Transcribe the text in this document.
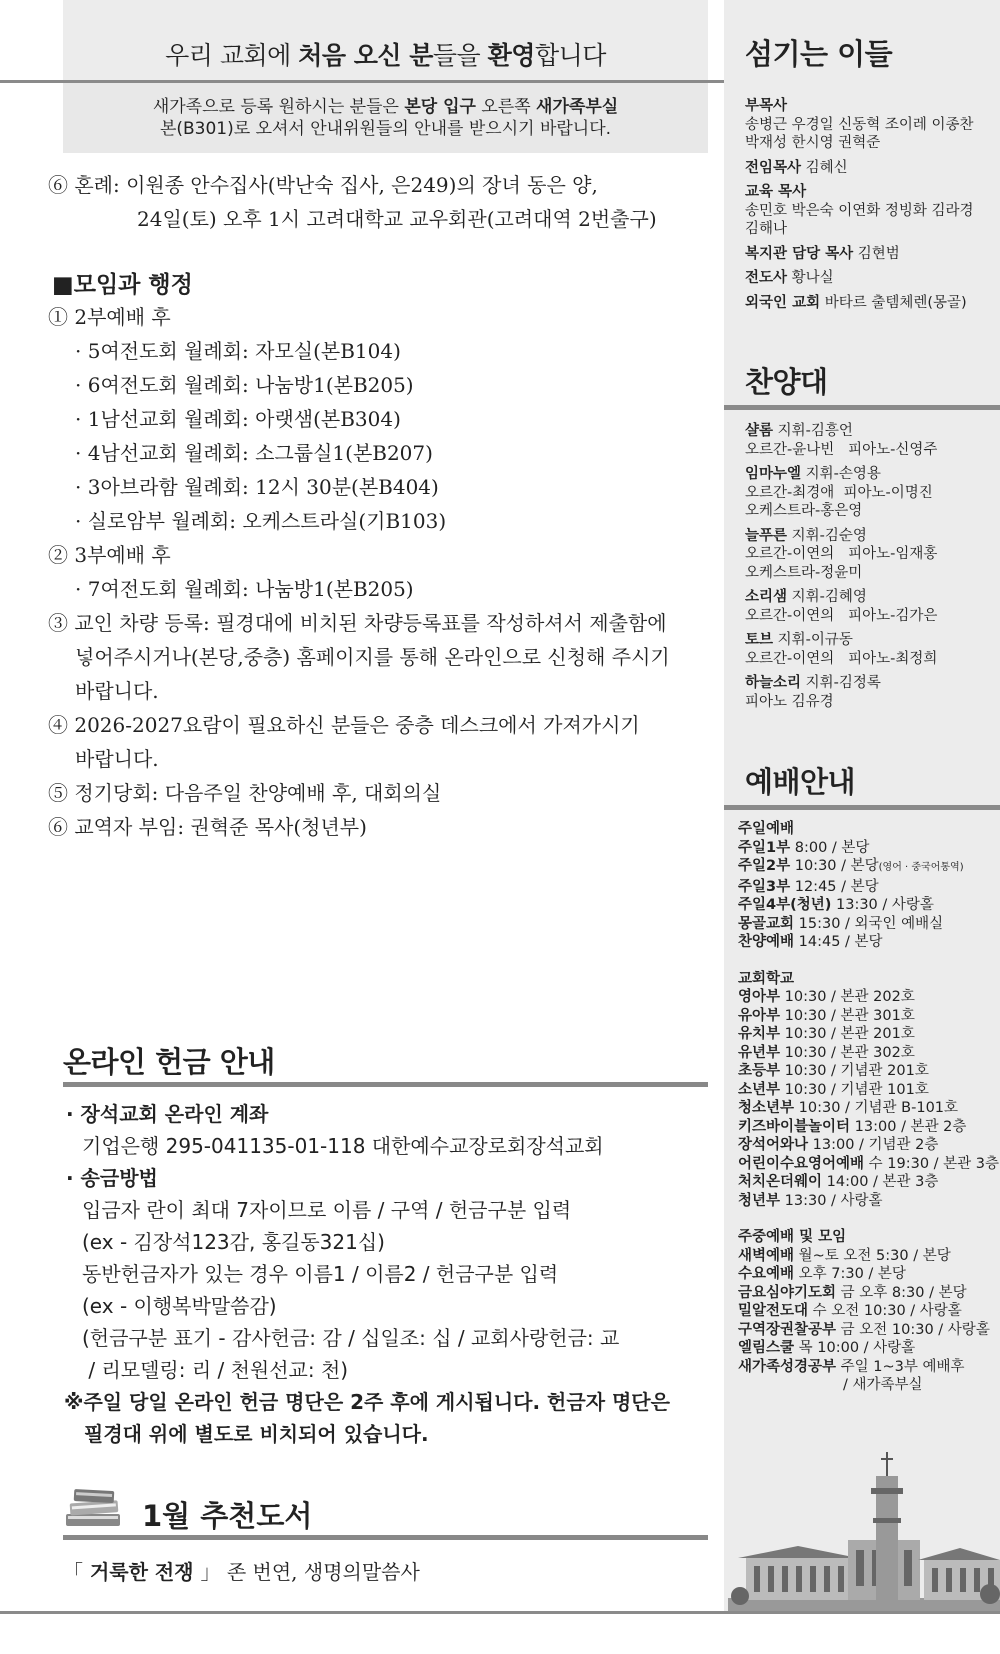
우리 교회에 처음 오신 분들을 환영합니다
새가족으로 등록 원하시는 분들은 본당 입구 오른쪽 새가족부실
본(B301)로 오셔서 안내위원들의 안내를 받으시기 바랍니다.
⑥ 혼례: 이원종 안수집사(박난숙 집사, 은249)의 장녀 동은 양,
24일(토) 오후 1시 고려대학교 교우회관(고려대역 2번출구)
■모임과 행정
① 2부예배 후
· 5여전도회 월례회: 자모실(본B104)
· 6여전도회 월례회: 나눔방1(본B205)
· 1남선교회 월례회: 아랫샘(본B304)
· 4남선교회 월례회: 소그룹실1(본B207)
· 3아브라함 월례회: 12시 30분(본B404)
· 실로암부 월례회: 오케스트라실(기B103)
② 3부예배 후
· 7여전도회 월례회: 나눔방1(본B205)
③ 교인 차량 등록: 필경대에 비치된 차량등록표를 작성하셔서 제출함에
넣어주시거나(본당,중층) 홈페이지를 통해 온라인으로 신청해 주시기
바랍니다.
④ 2026-2027요람이 필요하신 분들은 중층 데스크에서 가져가시기
바랍니다.
⑤ 정기당회: 다음주일 찬양예배 후, 대회의실
⑥ 교역자 부임: 권혁준 목사(청년부)
온라인 헌금 안내
· 장석교회 온라인 계좌
기업은행 295-041135-01-118 대한예수교장로회장석교회
· 송금방법
입금자 란이 최대 7자이므로 이름 / 구역 / 헌금구분 입력
(ex - 김장석123감, 홍길동321십)
동반헌금자가 있는 경우 이름1 / 이름2 / 헌금구분 입력
(ex - 이행복박말씀감)
(헌금구분 표기 - 감사헌금: 감 / 십일조: 십 / 교회사랑헌금: 교
/ 리모델링: 리 / 천원선교: 천)
※주일 당일 온라인 헌금 명단은 2주 후에 게시됩니다. 헌금자 명단은
필경대 위에 별도로 비치되어 있습니다.
1월 추천도서
「 거룩한 전쟁 」 존 번연, 생명의말씀사
섬기는 이들
부목사
송병근 우경일 신동혁 조이레 이종찬
박재성 한시영 권혁준
전임목사 김혜신
교육 목사
송민호 박은숙 이연화 정빙화 김라경
김해나
복지관 담당 목사 김현범
전도사 황나실
외국인 교회 바타르 출템체렌(몽골)
찬양대
샬롬 지휘-김흥언
오르간-윤나빈   피아노-신영주
임마누엘 지휘-손영용
오르간-최경애  피아노-이명진
오케스트라-홍은영
늘푸른 지휘-김순영
오르간-이연의   피아노-임재홍
오케스트라-정윤미
소리샘 지휘-김혜영
오르간-이연의   피아노-김가은
토브 지휘-이규동
오르간-이연의   피아노-최정희
하늘소리 지휘-김정록
피아노 김유경
예배안내
주일예배
주일1부 8:00 / 본당
주일2부 10:30 / 본당(영어 · 중국어통역)
주일3부 12:45 / 본당
주일4부(청년) 13:30 / 사랑홀
몽골교회 15:30 / 외국인 예배실
찬양예배 14:45 / 본당
교회학교
영아부 10:30 / 본관 202호
유아부 10:30 / 본관 301호
유치부 10:30 / 본관 201호
유년부 10:30 / 본관 302호
초등부 10:30 / 기념관 201호
소년부 10:30 / 기념관 101호
청소년부 10:30 / 기념관 B-101호
키즈바이블놀이터 13:00 / 본관 2층
장석어와나 13:00 / 기념관 2층
어린이수요영어예배 수 19:30 / 본관 3층
처치온더웨이 14:00 / 본관 3층
청년부 13:30 / 사랑홀
주중예배 및 모임
새벽예배 월~토 오전 5:30 / 본당
수요예배 오후 7:30 / 본당
금요심야기도회 금 오후 8:30 / 본당
밀알전도대 수 오전 10:30 / 사랑홀
구역장권찰공부 금 오전 10:30 / 사랑홀
엘림스쿨 목 10:00 / 사랑홀
새가족성경공부 주일 1~3부 예배후
/ 새가족부실
